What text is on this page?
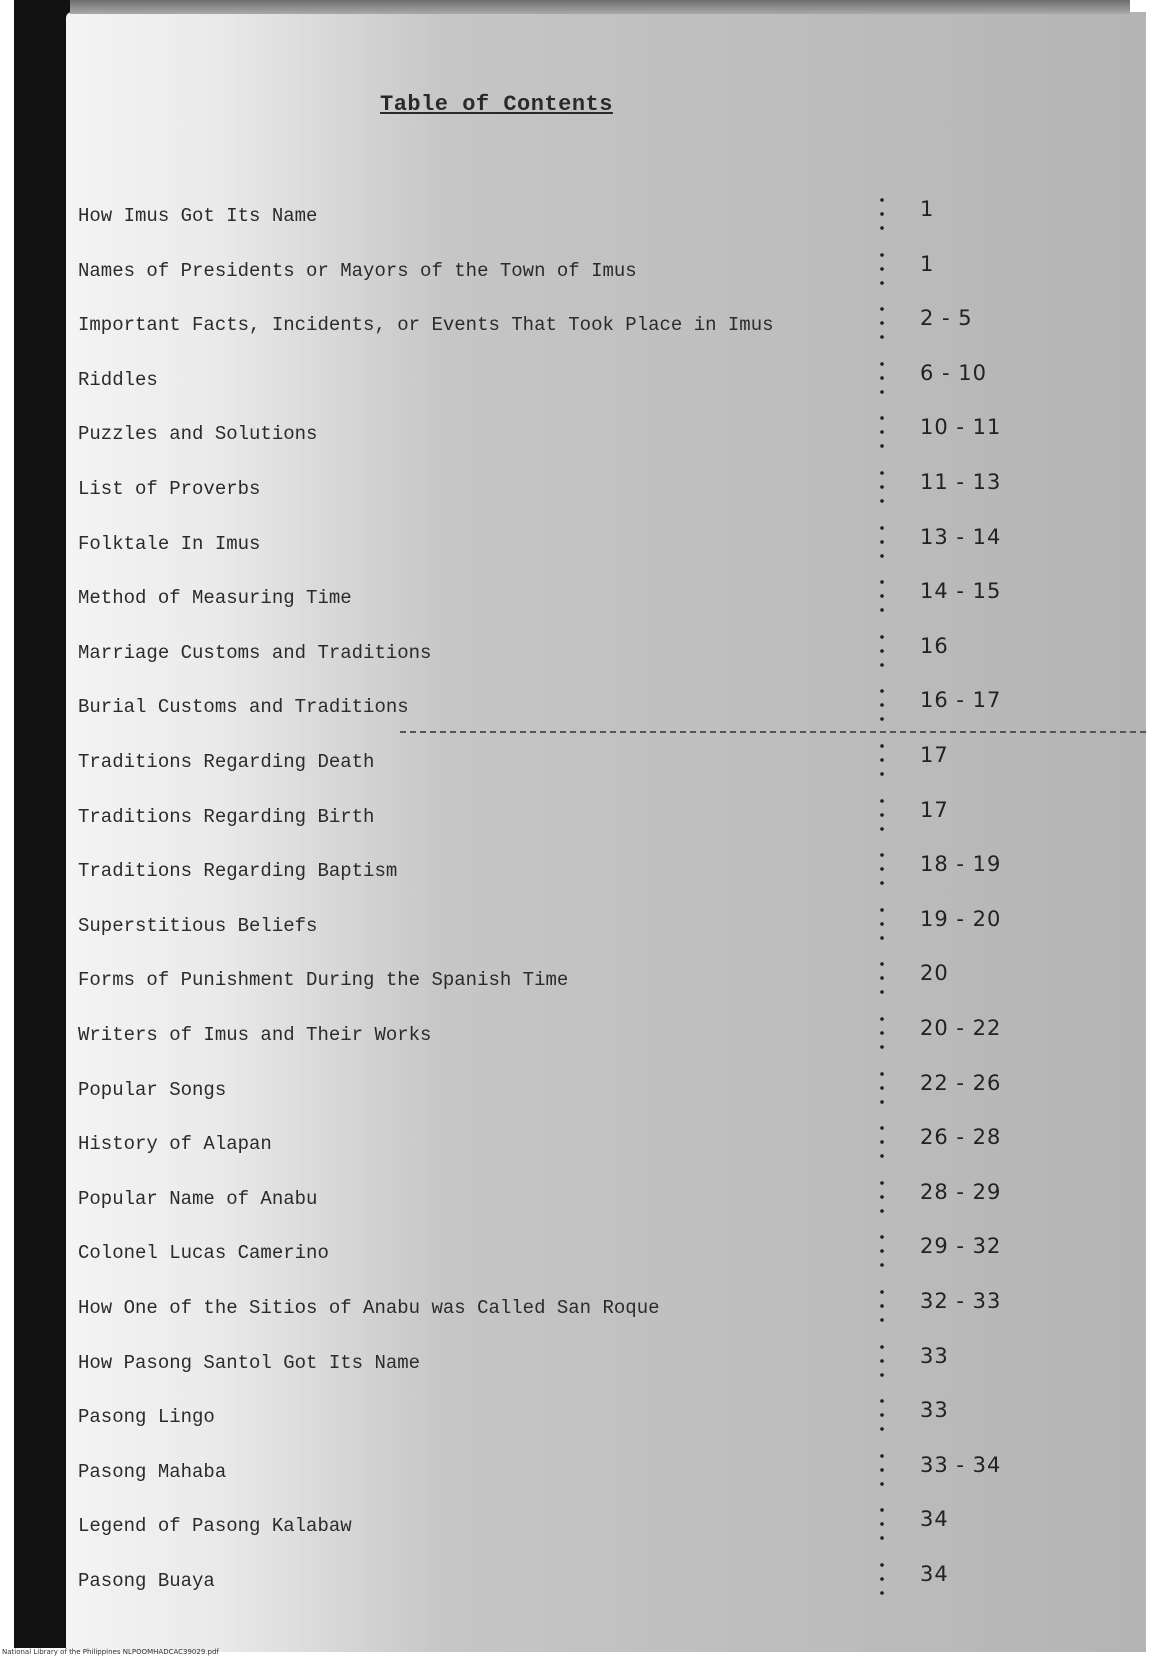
Table of Contents
How Imus Got Its Name	1
Names of Presidents or Mayors of the Town of Imus	1
Important Facts, Incidents, or Events That Took Place in Imus	2 - 5
Riddles	6 - 10
Puzzles and Solutions	10 - 11
List of Proverbs	11 - 13
Folktale In Imus	13 - 14
Method of Measuring Time	14 - 15
Marriage Customs and Traditions	16
Burial Customs and Traditions	16 - 17
Traditions Regarding Death	17
Traditions Regarding Birth	17
Traditions Regarding Baptism	18 - 19
Superstitious Beliefs	19 - 20
Forms of Punishment During the Spanish Time	20
Writers of Imus and Their Works	20 - 22
Popular Songs	22 - 26
History of Alapan	26 - 28
Popular Name of Anabu	28 - 29
Colonel Lucas Camerino	29 - 32
How One of the Sitios of Anabu was Called San Roque	32 - 33
How Pasong Santol Got Its Name	33
Pasong Lingo	33
Pasong Mahaba	33 - 34
Legend of Pasong Kalabaw	34
Pasong Buaya	34
National Library of the Philippines NLPOOMHADCAC39029.pdf
